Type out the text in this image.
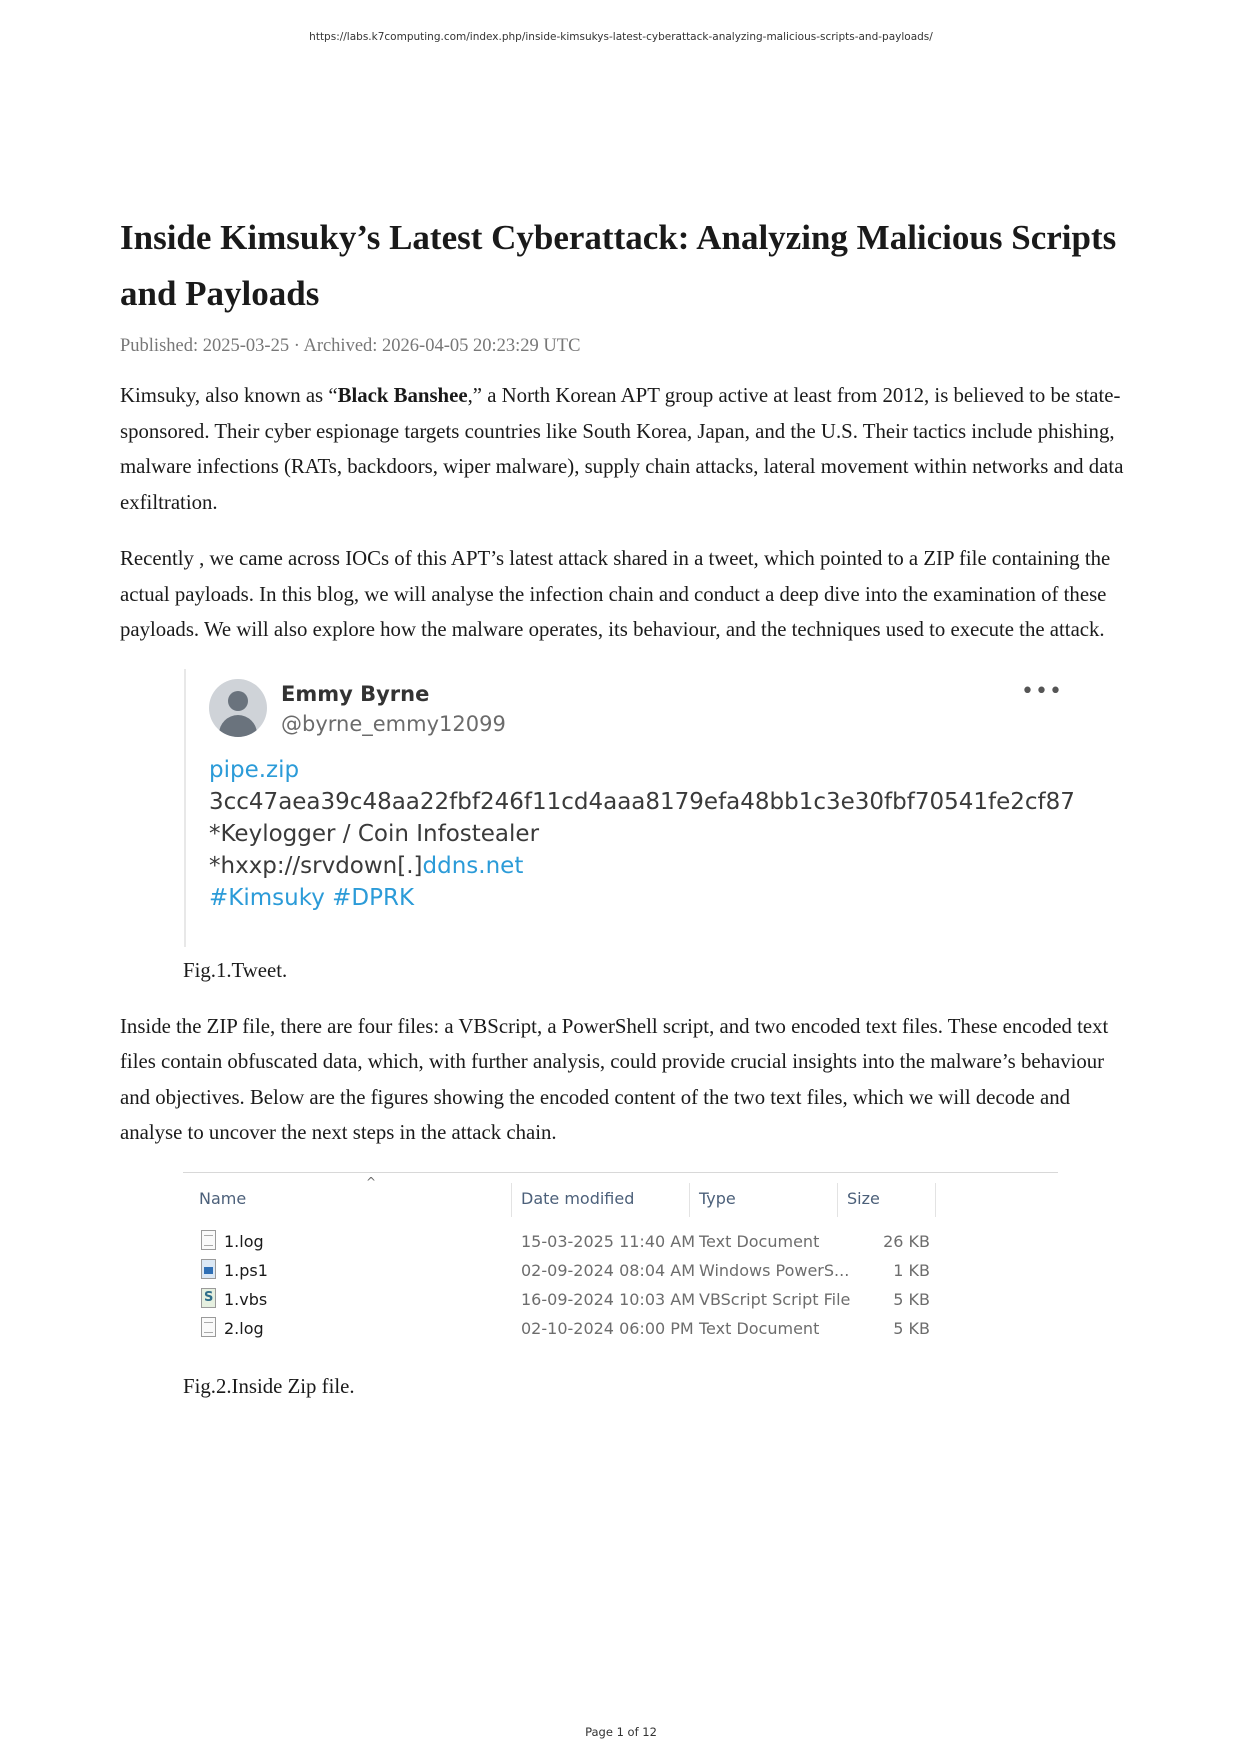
https://labs.k7computing.com/index.php/inside-kimsukys-latest-cyberattack-analyzing-malicious-scripts-and-payloads/
Inside Kimsuky’s Latest Cyberattack: Analyzing Malicious Scripts and Payloads
Published: 2025-03-25 · Archived: 2026-04-05 20:23:29 UTC

Kimsuky, also known as “Black Banshee,” a North Korean APT group active at least from 2012, is believed to be state-sponsored. Their cyber espionage targets countries like South Korea, Japan, and the U.S. Their tactics include phishing, malware infections (RATs, backdoors, wiper malware), supply chain attacks, lateral movement within networks and data exfiltration.

Recently , we came across IOCs of this APT’s latest attack shared in a tweet, which pointed to a ZIP file containing the actual payloads. In this blog, we will analyse the infection chain and conduct a deep dive into the examination of these payloads. We will also explore how the malware operates, its behaviour, and the techniques used to execute the attack.

Emmy Byrne
@byrne_emmy12099
•••
pipe.zip
3cc47aea39c48aa22fbf246f11cd4aaa8179efa48bb1c3e30fbf70541fe2cf87
*Keylogger / Coin Infostealer
*hxxp://srvdown[.]ddns.net
#Kimsuky #DPRK
Fig.1.Tweet.

Inside the ZIP file, there are four files: a VBScript, a PowerShell script, and two encoded text files. These encoded text files contain obfuscated data, which, with further analysis, could provide crucial insights into the malware’s behaviour and objectives. Below are the figures showing the encoded content of the two text files, which we will decode and analyse to uncover the next steps in the attack chain.

^
Name	Date modified	Type	Size
1.log	15-03-2025 11:40 AM Text Document	26 KB
1.ps1	02-09-2024 08:04 AM Windows PowerS...	1 KB
S
1.vbs	16-09-2024 10:03 AM VBScript Script File	5 KB
2.log	02-10-2024 06:00 PM Text Document	5 KB
Fig.2.Inside Zip file.
Page 1 of 12
